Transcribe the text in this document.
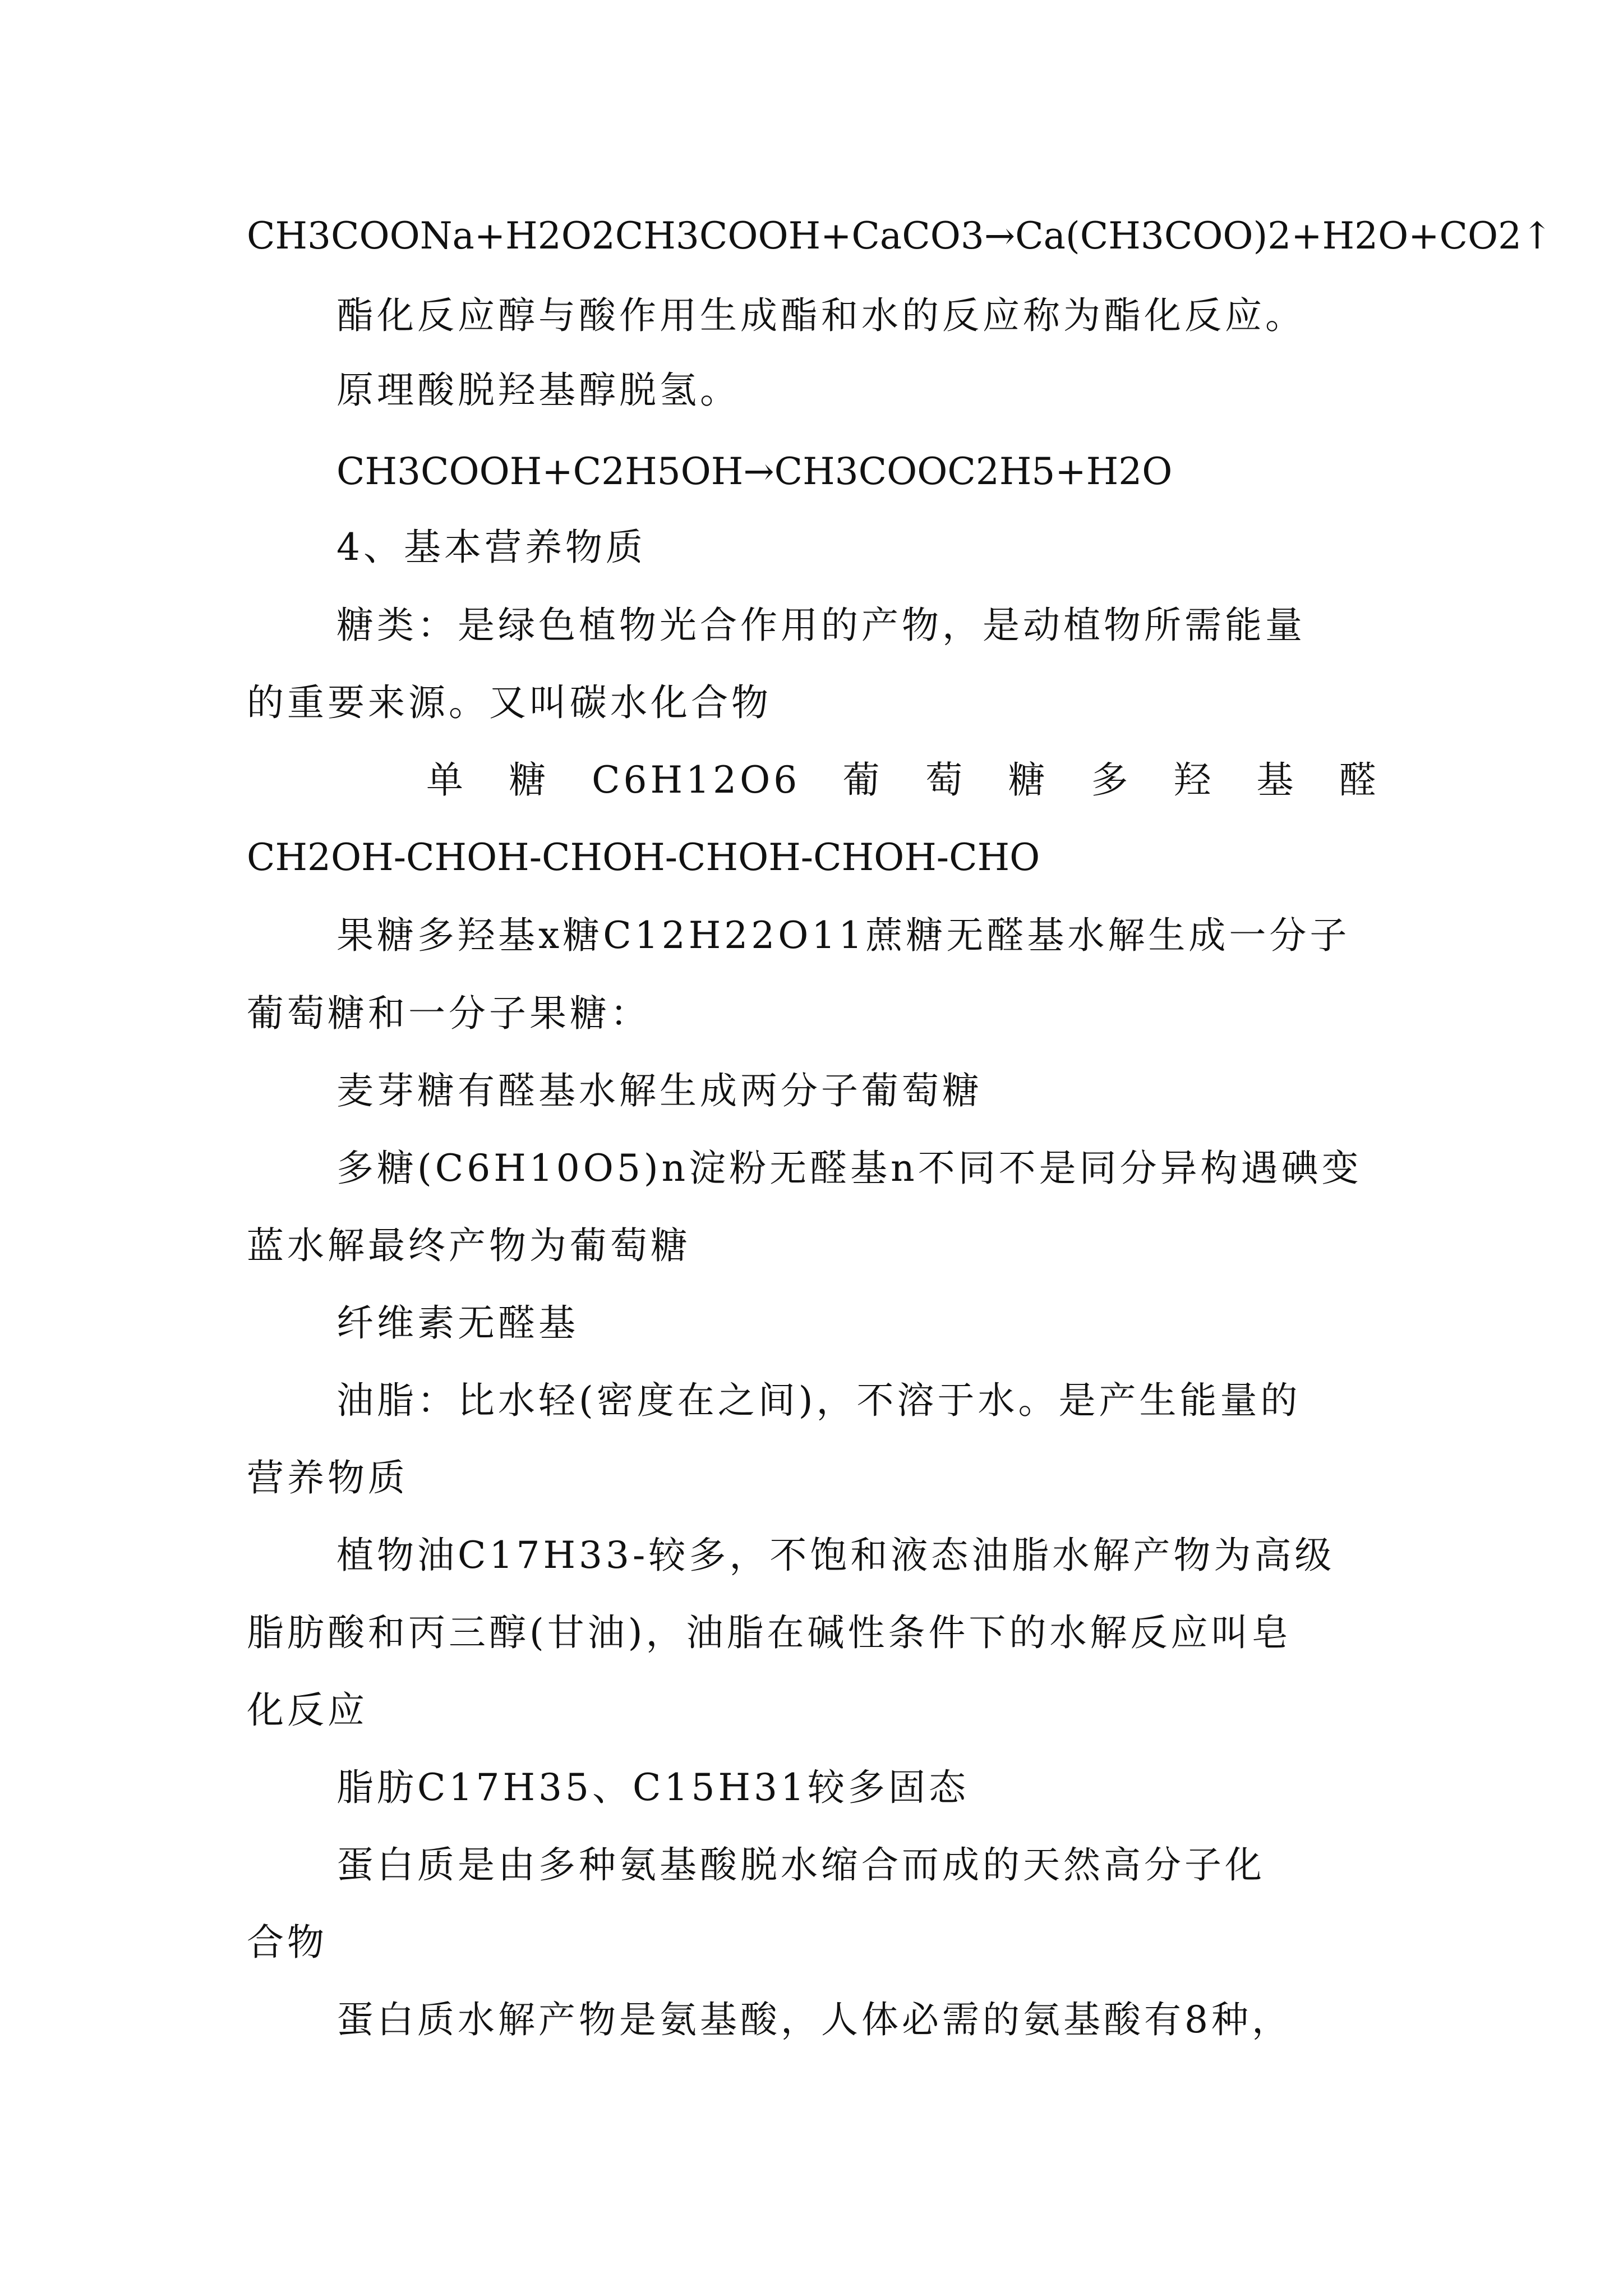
CH3COONa+H2O2CH3COOH+CaCO3→Ca(CH3COO)2+H2O+CO2↑
酯化反应醇与酸作用生成酯和水的反应称为酯化反应。
原理酸脱羟基醇脱氢。
CH3COOH+C2H5OH→CH3COOC2H5+H2O
4、基本营养物质
糖类：是绿色植物光合作用的产物，是动植物所需能量
的重要来源。又叫碳水化合物
单 糖 C6H12O6 葡 萄 糖 多 羟 基 醛
CH2OH-CHOH-CHOH-CHOH-CHOH-CHO
果糖多羟基x糖C12H22O11蔗糖无醛基水解生成一分子
葡萄糖和一分子果糖：
麦芽糖有醛基水解生成两分子葡萄糖
多糖(C6H10O5)n淀粉无醛基n不同不是同分异构遇碘变
蓝水解最终产物为葡萄糖
纤维素无醛基
油脂：比水轻(密度在之间)，不溶于水。是产生能量的
营养物质
植物油C17H33-较多，不饱和液态油脂水解产物为高级
脂肪酸和丙三醇(甘油)，油脂在碱性条件下的水解反应叫皂
化反应
脂肪C17H35、C15H31较多固态
蛋白质是由多种氨基酸脱水缩合而成的天然高分子化
合物
蛋白质水解产物是氨基酸，人体必需的氨基酸有8种，
